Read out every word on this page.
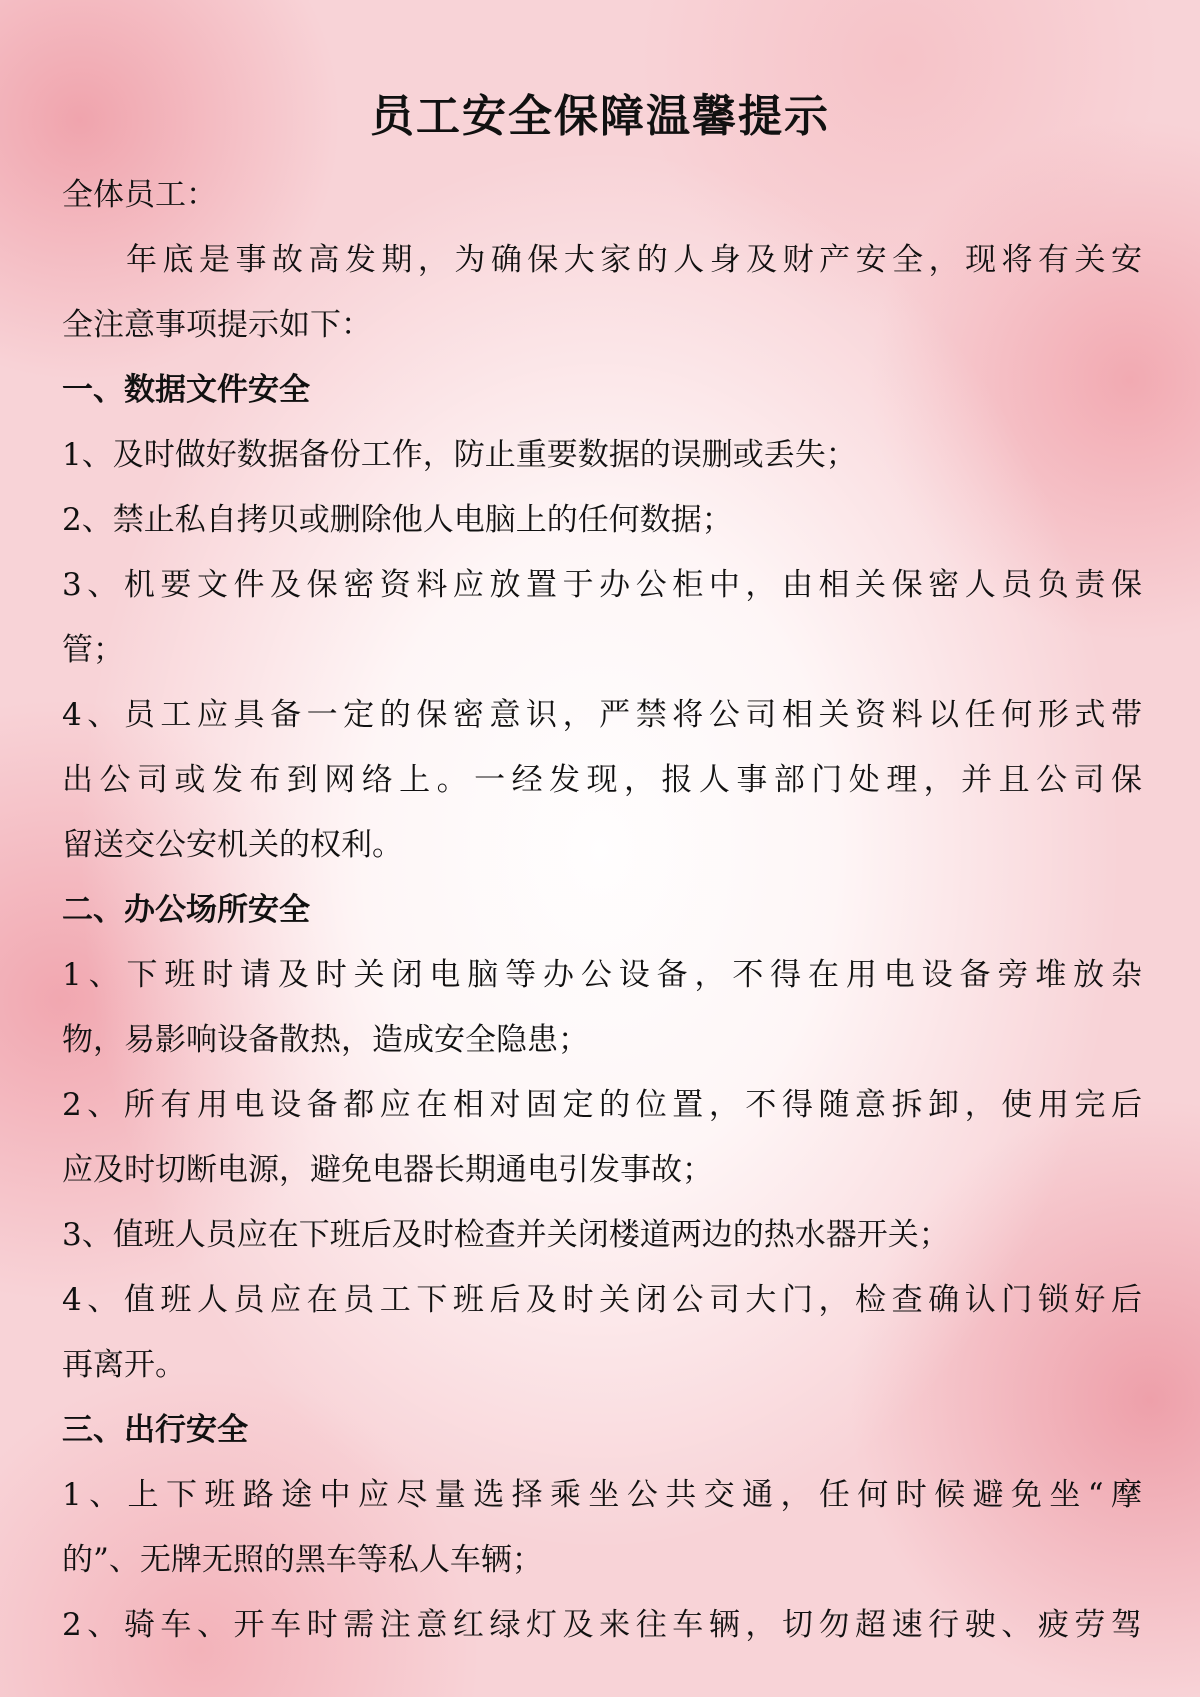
员工安全保障温馨提示
全体员工：
年底是事故高发期，为确保大家的人身及财产安全，现将有关安
全注意事项提示如下：
一、数据文件安全
1、及时做好数据备份工作，防止重要数据的误删或丢失；
2、禁止私自拷贝或删除他人电脑上的任何数据；
3、机要文件及保密资料应放置于办公柜中，由相关保密人员负责保
管；
4、员工应具备一定的保密意识，严禁将公司相关资料以任何形式带
出公司或发布到网络上。一经发现，报人事部门处理，并且公司保
留送交公安机关的权利。
二、办公场所安全
1、下班时请及时关闭电脑等办公设备，不得在用电设备旁堆放杂
物，易影响设备散热，造成安全隐患；
2、所有用电设备都应在相对固定的位置，不得随意拆卸，使用完后
应及时切断电源，避免电器长期通电引发事故；
3、值班人员应在下班后及时检查并关闭楼道两边的热水器开关；
4、值班人员应在员工下班后及时关闭公司大门，检查确认门锁好后
再离开。
三、出行安全
1、上下班路途中应尽量选择乘坐公共交通，任何时候避免坐“摩
的”、无牌无照的黑车等私人车辆；
2、骑车、开车时需注意红绿灯及来往车辆，切勿超速行驶、疲劳驾
